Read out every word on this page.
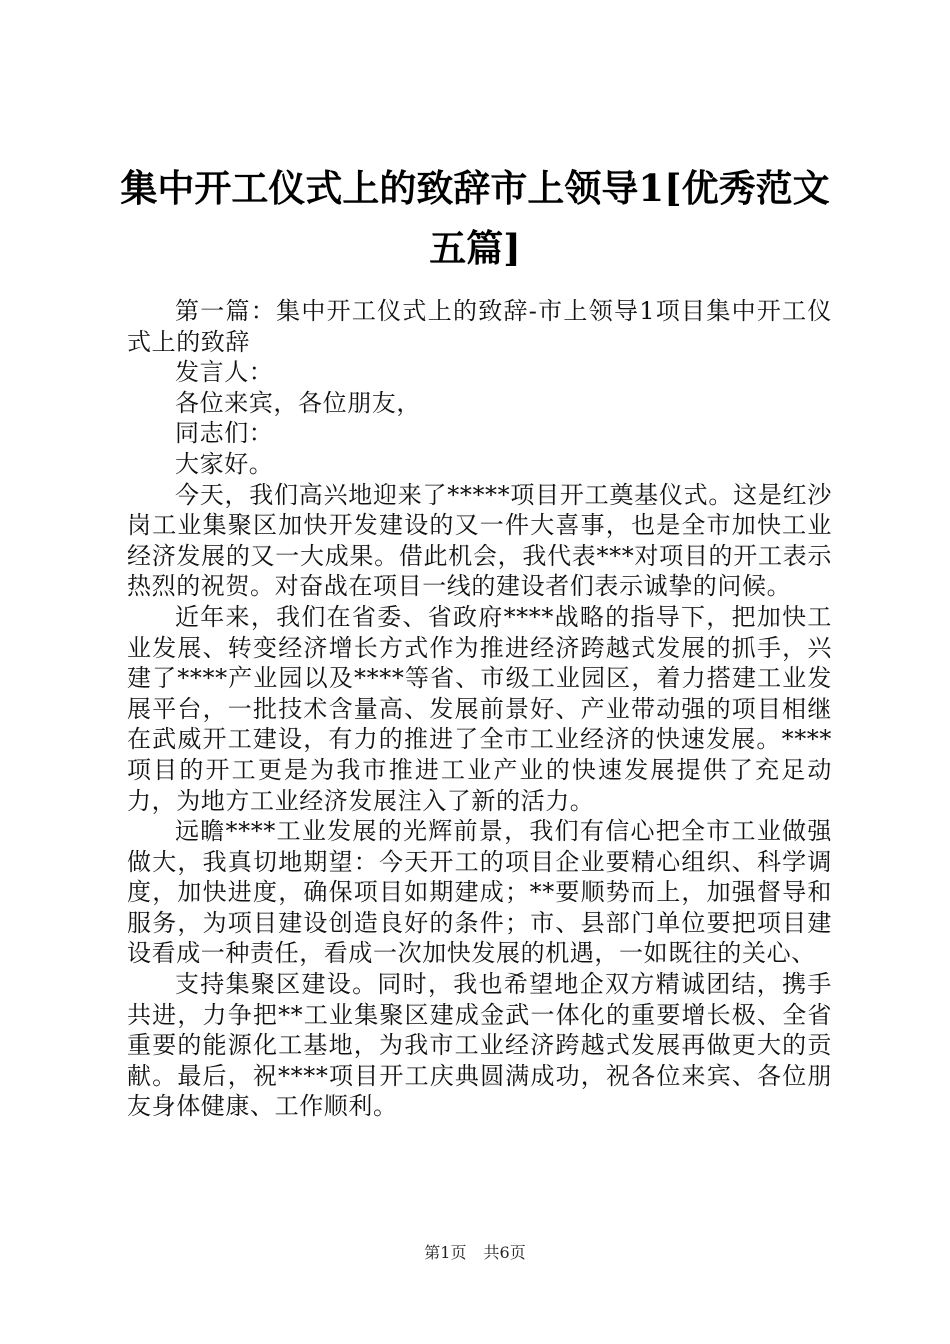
集中开工仪式上的致辞市上领导1[优秀范文五篇]

第一篇：集中开工仪式上的致辞-市上领导1项目集中开工仪式上的致辞

发言人：

各位来宾，各位朋友，

同志们：

大家好。

今天，我们高兴地迎来了*****项目开工奠基仪式。这是红沙岗工业集聚区加快开发建设的又一件大喜事，也是全市加快工业经济发展的又一大成果。借此机会，我代表***对项目的开工表示热烈的祝贺。对奋战在项目一线的建设者们表示诚挚的问候。

近年来，我们在省委、省政府****战略的指导下，把加快工业发展、转变经济增长方式作为推进经济跨越式发展的抓手，兴建了****产业园以及****等省、市级工业园区，着力搭建工业发展平台，一批技术含量高、发展前景好、产业带动强的项目相继在武威开工建设，有力的推进了全市工业经济的快速发展。****项目的开工更是为我市推进工业产业的快速发展提供了充足动力，为地方工业经济发展注入了新的活力。

远瞻****工业发展的光辉前景，我们有信心把全市工业做强做大，我真切地期望：今天开工的项目企业要精心组织、科学调度，加快进度，确保项目如期建成；**要顺势而上，加强督导和服务，为项目建设创造良好的条件；市、县部门单位要把项目建设看成一种责任，看成一次加快发展的机遇，一如既往的关心、

支持集聚区建设。同时，我也希望地企双方精诚团结，携手共进，力争把**工业集聚区建成金武一体化的重要增长极、全省重要的能源化工基地，为我市工业经济跨越式发展再做更大的贡献。最后，祝****项目开工庆典圆满成功，祝各位来宾、各位朋友身体健康、工作顺利。

第1页 共6页
